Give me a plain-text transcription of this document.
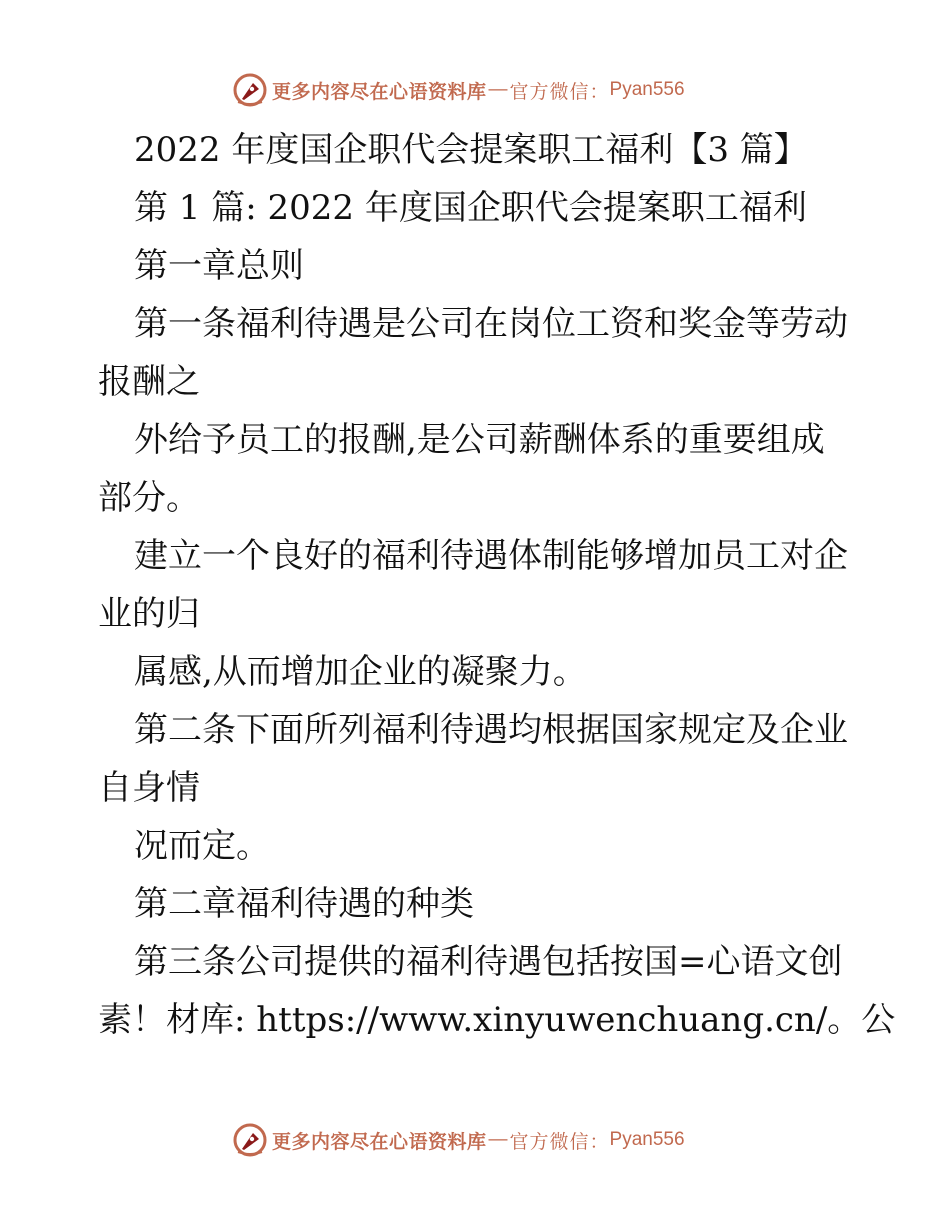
更多内容尽在心语资料库 — 官方微信： Pyan556
2022 年度国企职代会提案职工福利【3 篇】
第 1 篇: 2022 年度国企职代会提案职工福利
第一章总则
第一条福利待遇是公司在岗位工资和奖金等劳动
报酬之
外给予员工的报酬,是公司薪酬体系的重要组成
部分。
建立一个良好的福利待遇体制能够增加员工对企
业的归
属感,从而增加企业的凝聚力。
第二条下面所列福利待遇均根据国家规定及企业
自身情
况而定。
第二章福利待遇的种类
第三条公司提供的福利待遇包括按国=心语文创
素！材库: https://www.xinyuwenchuang.cn/。公
更多内容尽在心语资料库 — 官方微信： Pyan556
